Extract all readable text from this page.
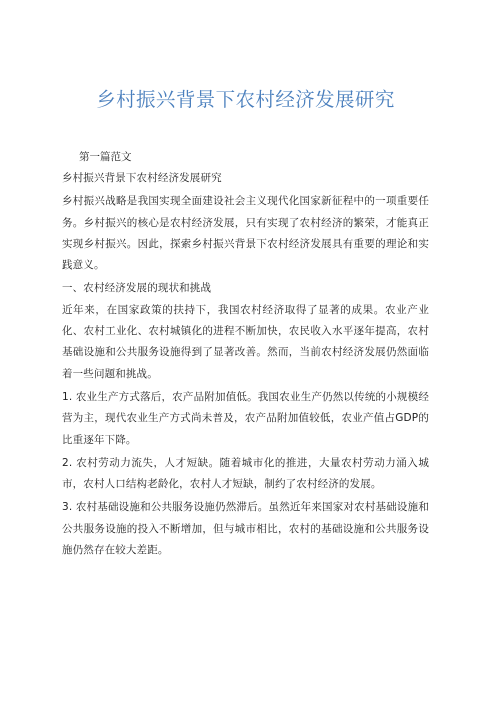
乡村振兴背景下农村经济发展研究
第一篇范文

乡村振兴背景下农村经济发展研究

乡村振兴战略是我国实现全面建设社会主义现代化国家新征程中的一项重要任务。乡村振兴的核心是农村经济发展，只有实现了农村经济的繁荣，才能真正实现乡村振兴。因此，探索乡村振兴背景下农村经济发展具有重要的理论和实践意义。

一、农村经济发展的现状和挑战

近年来，在国家政策的扶持下，我国农村经济取得了显著的成果。农业产业化、农村工业化、农村城镇化的进程不断加快，农民收入水平逐年提高，农村基础设施和公共服务设施得到了显著改善。然而，当前农村经济发展仍然面临着一些问题和挑战。

1. 农业生产方式落后，农产品附加值低。我国农业生产仍然以传统的小规模经营为主，现代农业生产方式尚未普及，农产品附加值较低，农业产值占GDP的比重逐年下降。

2. 农村劳动力流失，人才短缺。随着城市化的推进，大量农村劳动力涌入城市，农村人口结构老龄化，农村人才短缺，制约了农村经济的发展。

3. 农村基础设施和公共服务设施仍然滞后。虽然近年来国家对农村基础设施和公共服务设施的投入不断增加，但与城市相比，农村的基础设施和公共服务设施仍然存在较大差距。
